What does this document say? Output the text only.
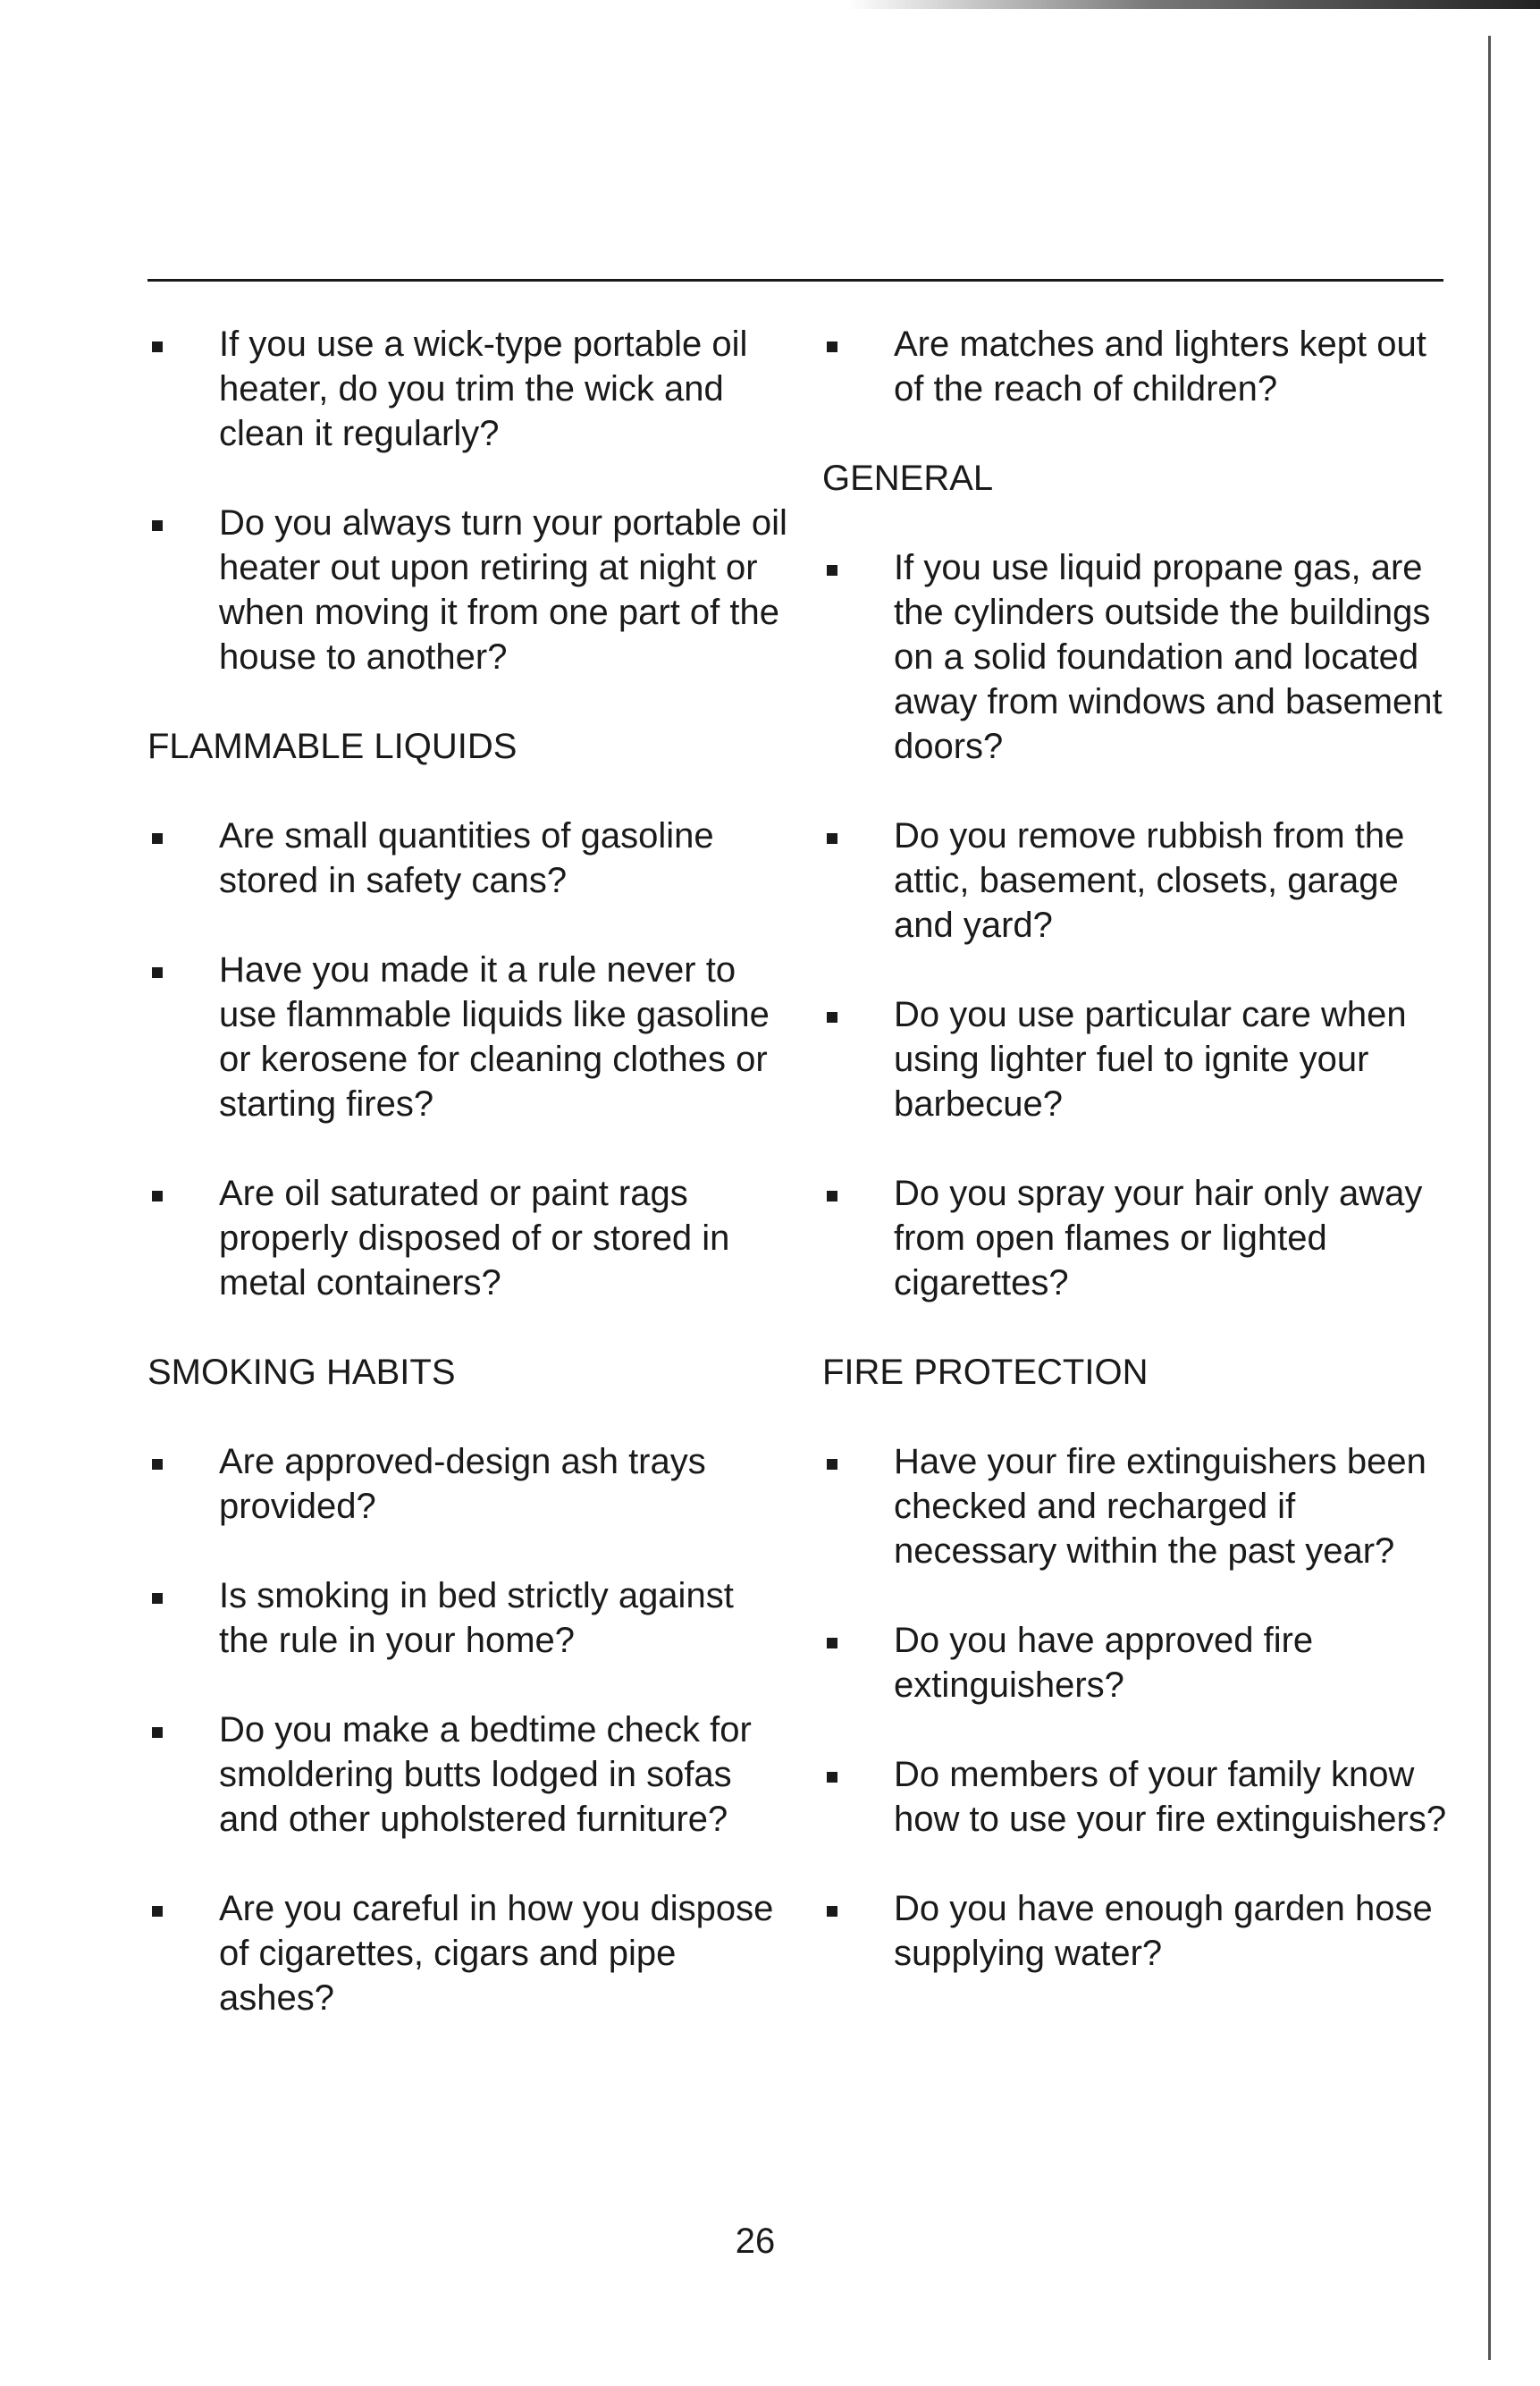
If you use a wick-type portable oil heater, do you trim the wick and clean it regularly?
Do you always turn your portable oil heater out upon retiring at night or when moving it from one part of the house to another?
FLAMMABLE LIQUIDS
Are small quantities of gasoline stored in safety cans?
Have you made it a rule never to use flammable liquids like gasoline or kerosene for cleaning clothes or starting fires?
Are oil saturated or paint rags properly disposed of or stored in metal containers?
SMOKING HABITS
Are approved-design ash trays provided?
Is smoking in bed strictly against the rule in your home?
Do you make a bedtime check for smoldering butts lodged in sofas and other upholstered furniture?
Are you careful in how you dispose of cigarettes, cigars and pipe ashes?
Are matches and lighters kept out of the reach of children?
GENERAL
If you use liquid propane gas, are the cylinders outside the buildings on a solid foundation and located away from windows and basement doors?
Do you remove rubbish from the attic, basement, closets, garage and yard?
Do you use particular care when using lighter fuel to ignite your barbecue?
Do you spray your hair only away from open flames or lighted cigarettes?
FIRE PROTECTION
Have your fire extinguishers been checked and recharged if necessary within the past year?
Do you have approved fire extinguishers?
Do members of your family know how to use your fire extinguishers?
Do you have enough garden hose supplying water?
26
